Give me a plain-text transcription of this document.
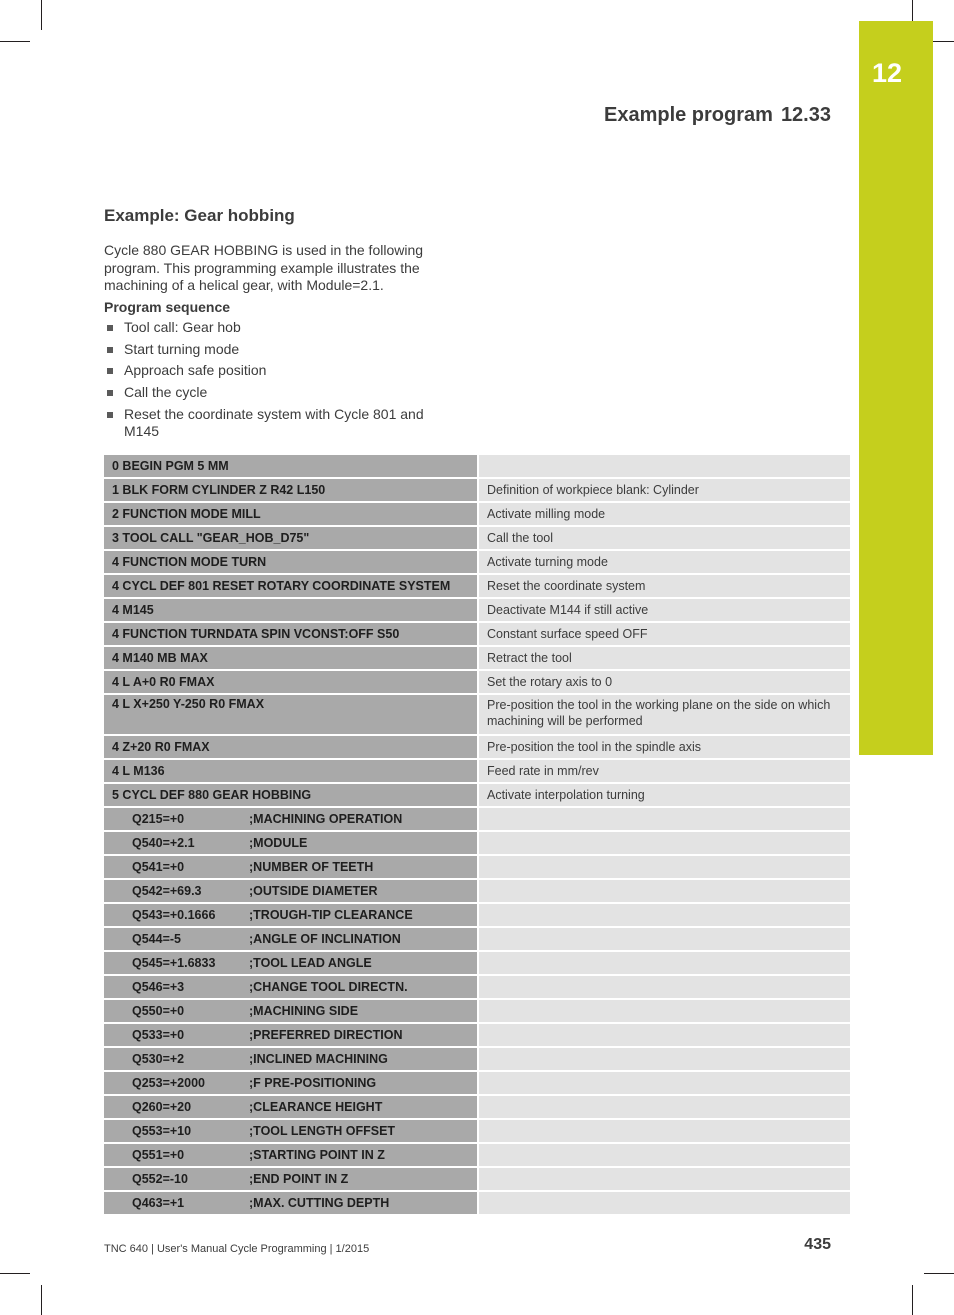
12
Example program 12.33
Example: Gear hobbing
Cycle 880 GEAR HOBBING is used in the following program. This programming example illustrates the machining of a helical gear, with Module=2.1.
Program sequence
Tool call: Gear hob
Start turning mode
Approach safe position
Call the cycle
Reset the coordinate system with Cycle 801 and M145
0 BEGIN PGM 5 MM	
1 BLK FORM CYLINDER Z R42 L150	Definition of workpiece blank: Cylinder
2 FUNCTION MODE MILL	Activate milling mode
3 TOOL CALL "GEAR_HOB_D75"	Call the tool
4 FUNCTION MODE TURN	Activate turning mode
4 CYCL DEF 801 RESET ROTARY COORDINATE SYSTEM	Reset the coordinate system
4 M145	Deactivate M144 if still active
4 FUNCTION TURNDATA SPIN VCONST:OFF S50	Constant surface speed OFF
4 M140 MB MAX	Retract the tool
4 L A+0 R0 FMAX	Set the rotary axis to 0
4 L X+250 Y-250 R0 FMAX	Pre-position the tool in the working plane on the side on which machining will be performed
4 Z+20 R0 FMAX	Pre-position the tool in the spindle axis
4 L M136	Feed rate in mm/rev
5 CYCL DEF 880 GEAR HOBBING	Activate interpolation turning
Q215=+0 ;MACHINING OPERATION	
Q540=+2.1 ;MODULE	
Q541=+0 ;NUMBER OF TEETH	
Q542=+69.3 ;OUTSIDE DIAMETER	
Q543=+0.1666 ;TROUGH-TIP CLEARANCE	
Q544=-5 ;ANGLE OF INCLINATION	
Q545=+1.6833 ;TOOL LEAD ANGLE	
Q546=+3 ;CHANGE TOOL DIRECTN.	
Q550=+0 ;MACHINING SIDE	
Q533=+0 ;PREFERRED DIRECTION	
Q530=+2 ;INCLINED MACHINING	
Q253=+2000 ;F PRE-POSITIONING	
Q260=+20 ;CLEARANCE HEIGHT	
Q553=+10 ;TOOL LENGTH OFFSET	
Q551=+0 ;STARTING POINT IN Z	
Q552=-10 ;END POINT IN Z	
Q463=+1 ;MAX. CUTTING DEPTH	
TNC 640 | User's Manual Cycle Programming | 1/2015	435
